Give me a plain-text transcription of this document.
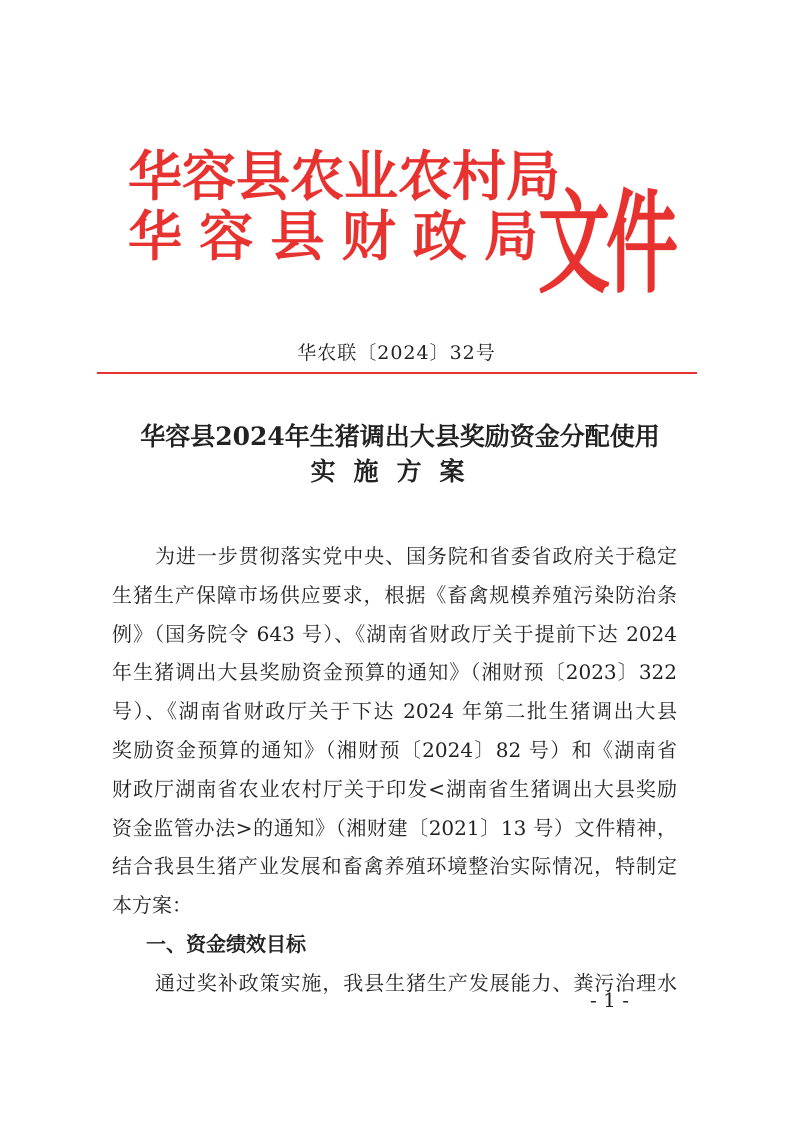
华容县农业农村局
华容县财政局 文件
华农联〔2024〕32号
华容县2024年生猪调出大县奖励资金分配使用
实施方案
为进一步贯彻落实党中央、国务院和省委省政府关于稳定
生猪生产保障市场供应要求，根据《畜禽规模养殖污染防治条
例》（国务院令 643 号）、《湖南省财政厅关于提前下达 2024
年生猪调出大县奖励资金预算的通知》（湘财预〔2023〕322
号）、《湖南省财政厅关于下达 2024 年第二批生猪调出大县
奖励资金预算的通知》（湘财预〔2024〕82 号）和《湖南省
财政厅湖南省农业农村厅关于印发<湖南省生猪调出大县奖励
资金监管办法>的通知》（湘财建〔2021〕13 号）文件精神，
结合我县生猪产业发展和畜禽养殖环境整治实际情况，特制定
本方案：
一、资金绩效目标
通过奖补政策实施，我县生猪生产发展能力、粪污治理水
- 1 -
